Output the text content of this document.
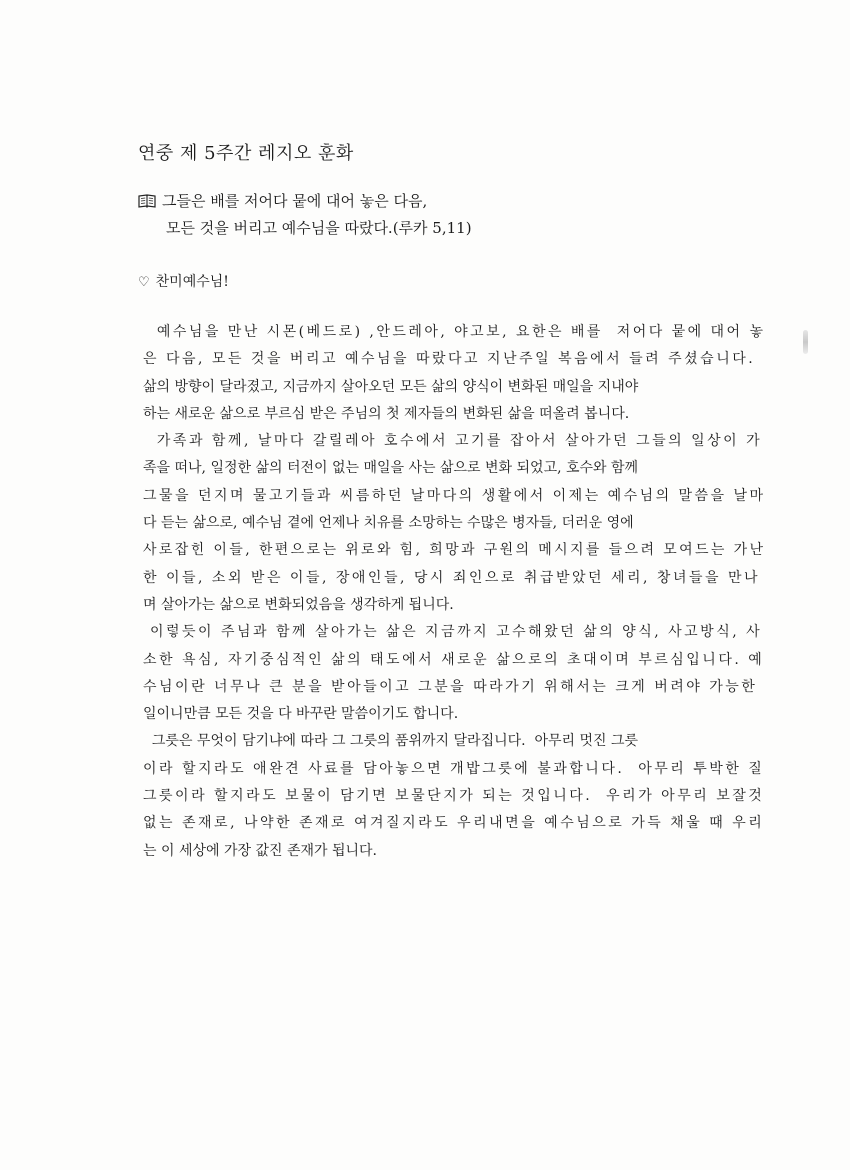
연중 제 5주간 레지오 훈화
그들은 배를 저어다 뭍에 대어 놓은 다음,
모든 것을 버리고 예수님을 따랐다.(루카 5,11)
♡ 찬미예수님!
예수님을 만난 시몬(베드로) ,안드레아, 야고보, 요한은 배를  저어다 뭍에 대어 놓
은 다음, 모든 것을 버리고 예수님을 따랐다고 지난주일 복음에서 들려 주셨습니다.
삶의 방향이 달라졌고, 지금까지 살아오던 모든 삶의 양식이 변화된 매일을 지내야
하는 새로운 삶으로 부르심 받은 주님의 첫 제자들의 변화된 삶을 떠올려 봅니다.
가족과 함께, 날마다 갈릴레아 호수에서 고기를 잡아서 살아가던 그들의 일상이 가
족을 떠나, 일정한 삶의 터전이 없는 매일을 사는 삶으로 변화 되었고, 호수와 함께
그물을 던지며 물고기들과 씨름하던 날마다의 생활에서 이제는 예수님의 말씀을 날마
다 듣는 삶으로, 예수님 곁에 언제나 치유를 소망하는 수많은 병자들, 더러운 영에
사로잡힌 이들, 한편으로는 위로와 힘, 희망과 구원의 메시지를 들으려 모여드는 가난
한 이들, 소외 받은 이들, 장애인들, 당시 죄인으로 취급받았던 세리, 창녀들을 만나
며 살아가는 삶으로 변화되었음을 생각하게 됩니다.
이렇듯이 주님과 함께 살아가는 삶은 지금까지 고수해왔던 삶의 양식, 사고방식, 사
소한 욕심, 자기중심적인 삶의 태도에서 새로운 삶으로의 초대이며 부르심입니다. 예
수님이란 너무나 큰 분을 받아들이고 그분을 따라가기 위해서는 크게 버려야 가능한
일이니만큼 모든 것을 다 바꾸란 말씀이기도 합니다.
그릇은 무엇이 담기냐에 따라 그 그릇의 품위까지 달라집니다.  아무리 멋진 그릇
이라 할지라도 애완견 사료를 담아놓으면 개밥그릇에 불과합니다.  아무리 투박한 질
그릇이라 할지라도 보물이 담기면 보물단지가 되는 것입니다.  우리가 아무리 보잘것
없는 존재로, 나약한 존재로 여겨질지라도 우리내면을 예수님으로 가득 채울 때 우리
는 이 세상에 가장 값진 존재가 됩니다.
